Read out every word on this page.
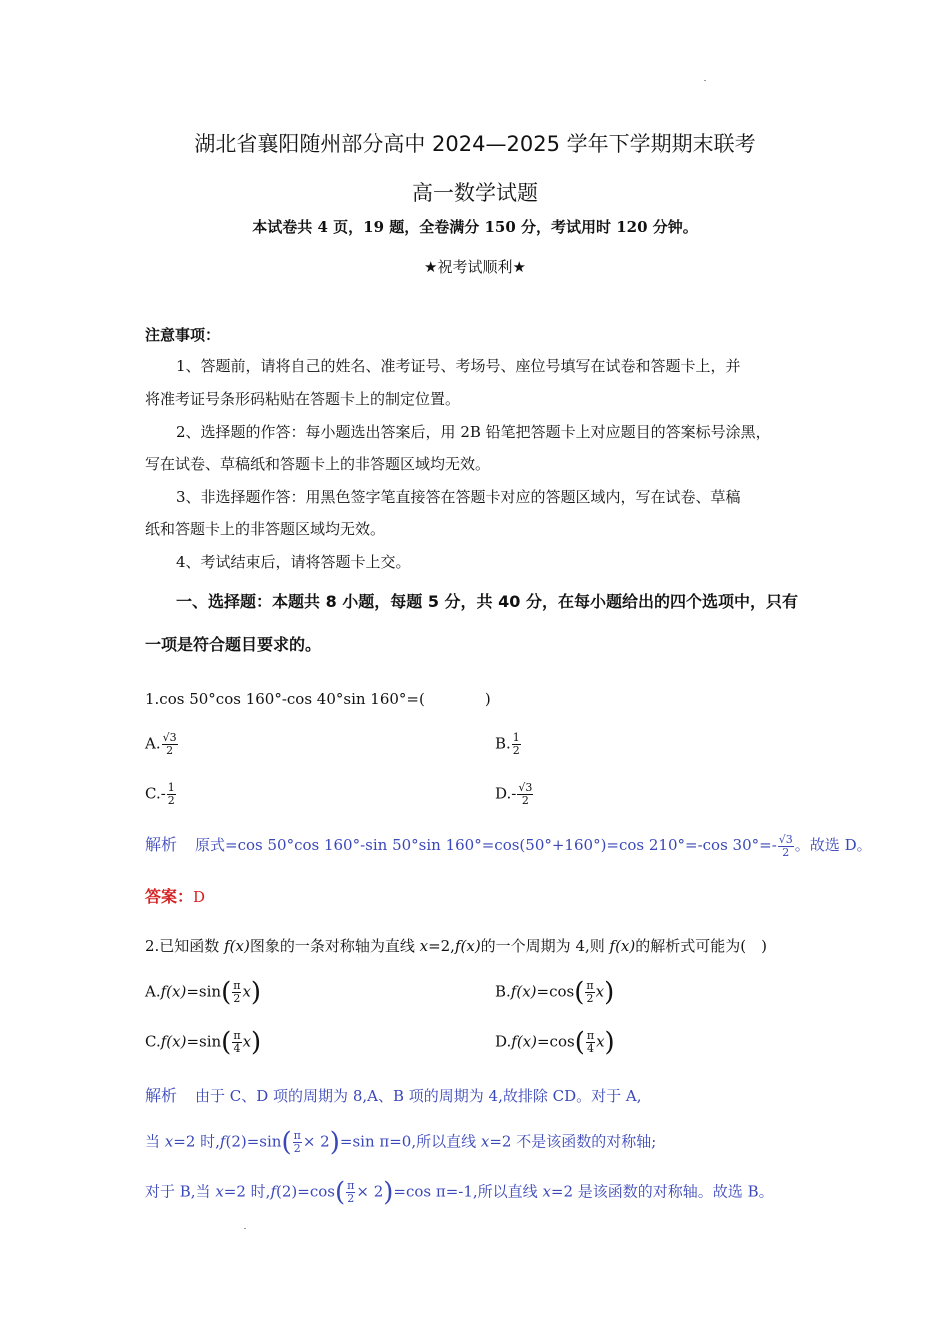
湖北省襄阳随州部分高中 2024—2025 学年下学期期末联考
高一数学试题
本试卷共 4 页，19 题，全卷满分 150 分，考试用时 120 分钟。
★祝考试顺利★
注意事项：
1、答题前，请将自己的姓名、准考证号、考场号、座位号填写在试卷和答题卡上，并
将准考证号条形码粘贴在答题卡上的制定位置。
2、选择题的作答：每小题选出答案后，用 2B 铅笔把答题卡上对应题目的答案标号涂黑，
写在试卷、草稿纸和答题卡上的非答题区域均无效。
3、非选择题作答：用黑色签字笔直接答在答题卡对应的答题区域内，写在试卷、草稿
纸和答题卡上的非答题区域均无效。
4、考试结束后，请将答题卡上交。
一、选择题：本题共 8 小题，每题 5 分，共 40 分，在每小题给出的四个选项中，只有
一项是符合题目要求的。
1.cos 50°cos 160°-cos 40°sin 160°=(　　　　)
A. $\frac{√3}{2}$	B. $\frac{1}{2}$
$C.- \frac{1}{2}$	$D.- \frac{√3}{2}$
解析 原式=cos 50°cos 160°-sin 50°sin 160°=cos(50°+160°)=cos 210°=-cos $30^\circ=- \frac{√3}{2}$ 。故选 D。
答案：D
2.已知函数 f(x)图象的一条对称轴为直线 x=2,f(x)的一个周期为 4,则 f(x)的解析式可能为(　)
$A.f(x)=\sin( \frac{\pi}{2} x)$	$B.f(x)=\cos( \frac{\pi}{2} x)$
$C.f(x)=\sin( \frac{\pi}{4} x)$	$D.f(x)=\cos( \frac{\pi}{4} x)$
解析 由于 C、D 项的周期为 8,A、B 项的周期为 4,故排除 CD。对于 A,
当 x=2 时$,f(2)=\sin( \frac{\pi}{2} \times 2)=\sin$ π=0,所以直线 x=2 不是该函数的对称轴;
对于 B,当 x=2 时$,f(2)=\cos( \frac{\pi}{2} \times 2)=\cos$ π=-1,所以直线 x=2 是该函数的对称轴。故选 B。
